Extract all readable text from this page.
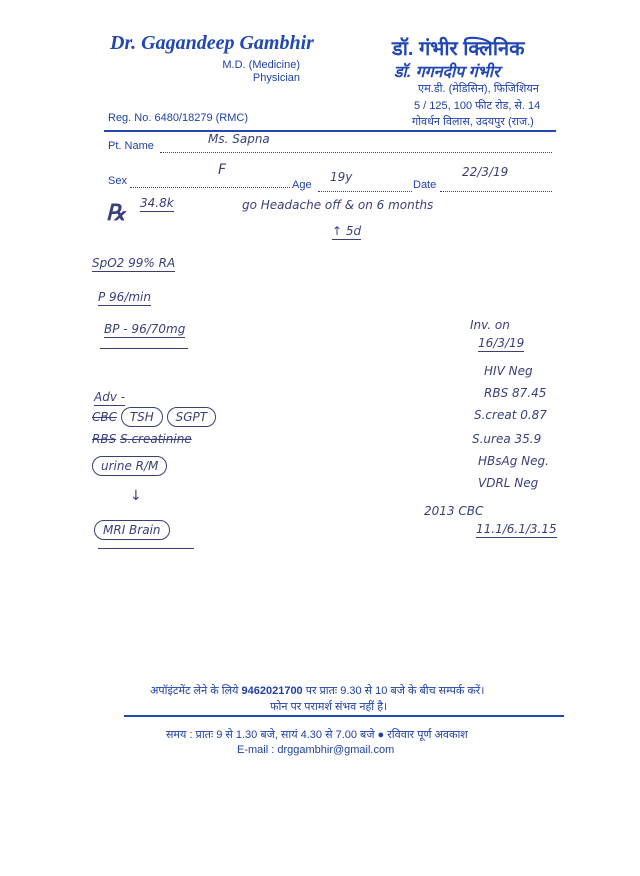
Dr. Gagandeep Gambhir
M.D. (Medicine)
Physician
डॉ. गंभीर क्लिनिक
डॉ. गगनदीप गंभीर
एम.डी. (मेडिसिन), फिजिशियन
5 / 125, 100 फीट रोड, से. 14
गोवर्धन विलास, उदयपुर (राज.)
Reg. No. 6480/18279 (RMC)
Pt. Name	Ms. Sapna
Sex
F
Age
19y
Date
22/3/19
℞ 34.8k	go Headache off & on 6 months
↑ 5d
SpO2 99% RA
P 96/min
BP - 96/70mg
Adv -
CBC TSH SGPT
RBS S.creatinine
urine R/M
↓
MRI Brain
Inv. on
16/3/19
HIV Neg
RBS 87.45
S.creat 0.87
S.urea 35.9
HBsAg Neg.
VDRL Neg
2013 CBC
11.1/6.1/3.15
अपॉइंटमेंट लेने के लिये 9462021700 पर प्रातः 9.30 से 10 बजे के बीच सम्पर्क करें।
फोन पर परामर्श संभव नहीं है।
समय : प्रातः 9 से 1.30 बजे, सायं 4.30 से 7.00 बजे ● रविवार पूर्ण अवकाश
E-mail : drggambhir@gmail.com
